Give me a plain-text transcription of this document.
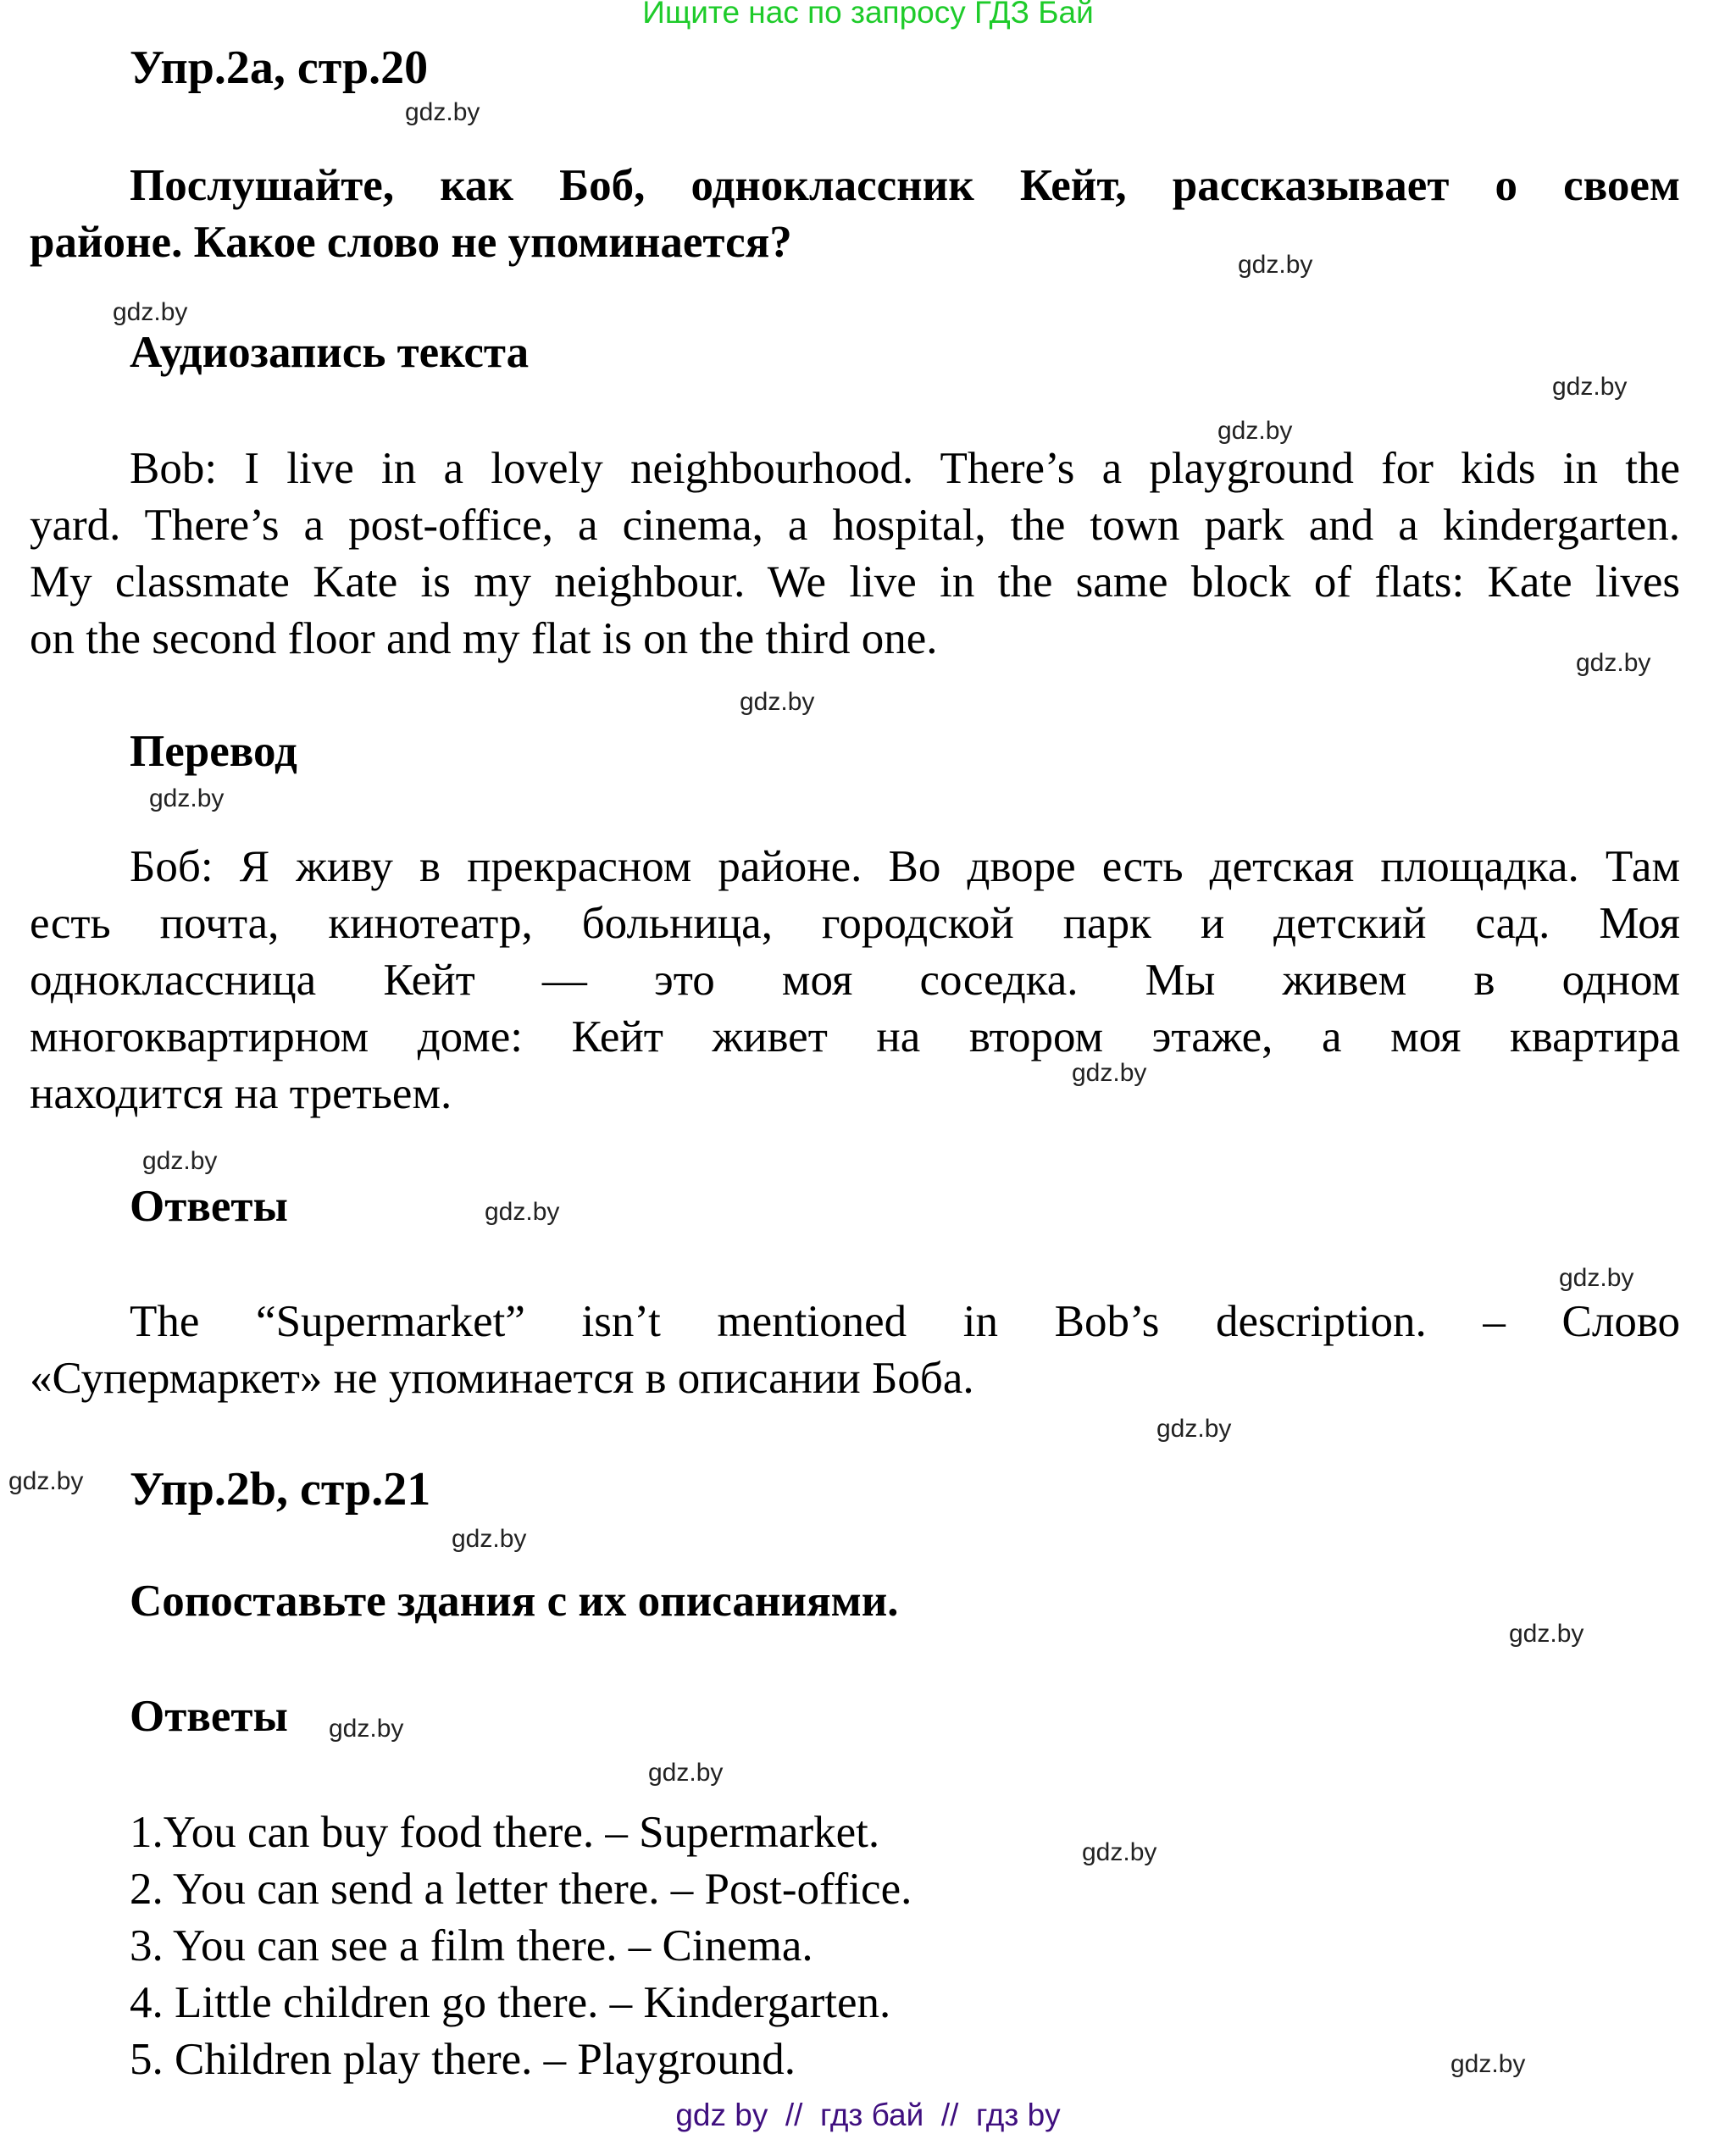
Ищите нас по запросу ГДЗ Бай
Упр.2а, стр.20
gdz.by
Послушайте, как Боб, одноклассник Кейт, рассказывает о своем
районе. Какое слово не упоминается?	gdz.by
gdz.by
Аудиозапись текста
gdz.by
gdz.by
Bob: I live in a lovely neighbourhood. There’s a playground for kids in the
yard. There’s a post-office, a cinema, a hospital, the town park and a kindergarten.
My classmate Kate is my neighbour. We live in the same block of flats: Kate lives
on the second floor and my flat is on the third one.	gdz.by
gdz.by
Перевод
gdz.by
Боб: Я живу в прекрасном районе. Во дворе есть детская площадка. Там
есть почта, кинотеатр, больница, городской парк и детский сад. Моя
одноклассница Кейт — это моя соседка. Мы живем в одном
многоквартирном доме: Кейт живет на втором этаже, а моя квартира
находится на третьем.	gdz.by
gdz.by
Ответы	gdz.by
gdz.by
The “Supermarket” isn’t mentioned in Bob’s description. – Слово
«Супермаркет» не упоминается в описании Боба.
gdz.by
gdz.by Упр.2b, стр.21
gdz.by
Сопоставьте здания с их описаниями.
gdz.by
Ответы gdz.by
gdz.by
gdz.by
1.You can buy food there. – Supermarket.
2. You can send a letter there. – Post-office.
3. You can see a film there. – Cinema.
4. Little children go there. – Kindergarten.
5. Children play there. – Playground.	gdz.by
gdz by  //  гдз бай  //  гдз by
